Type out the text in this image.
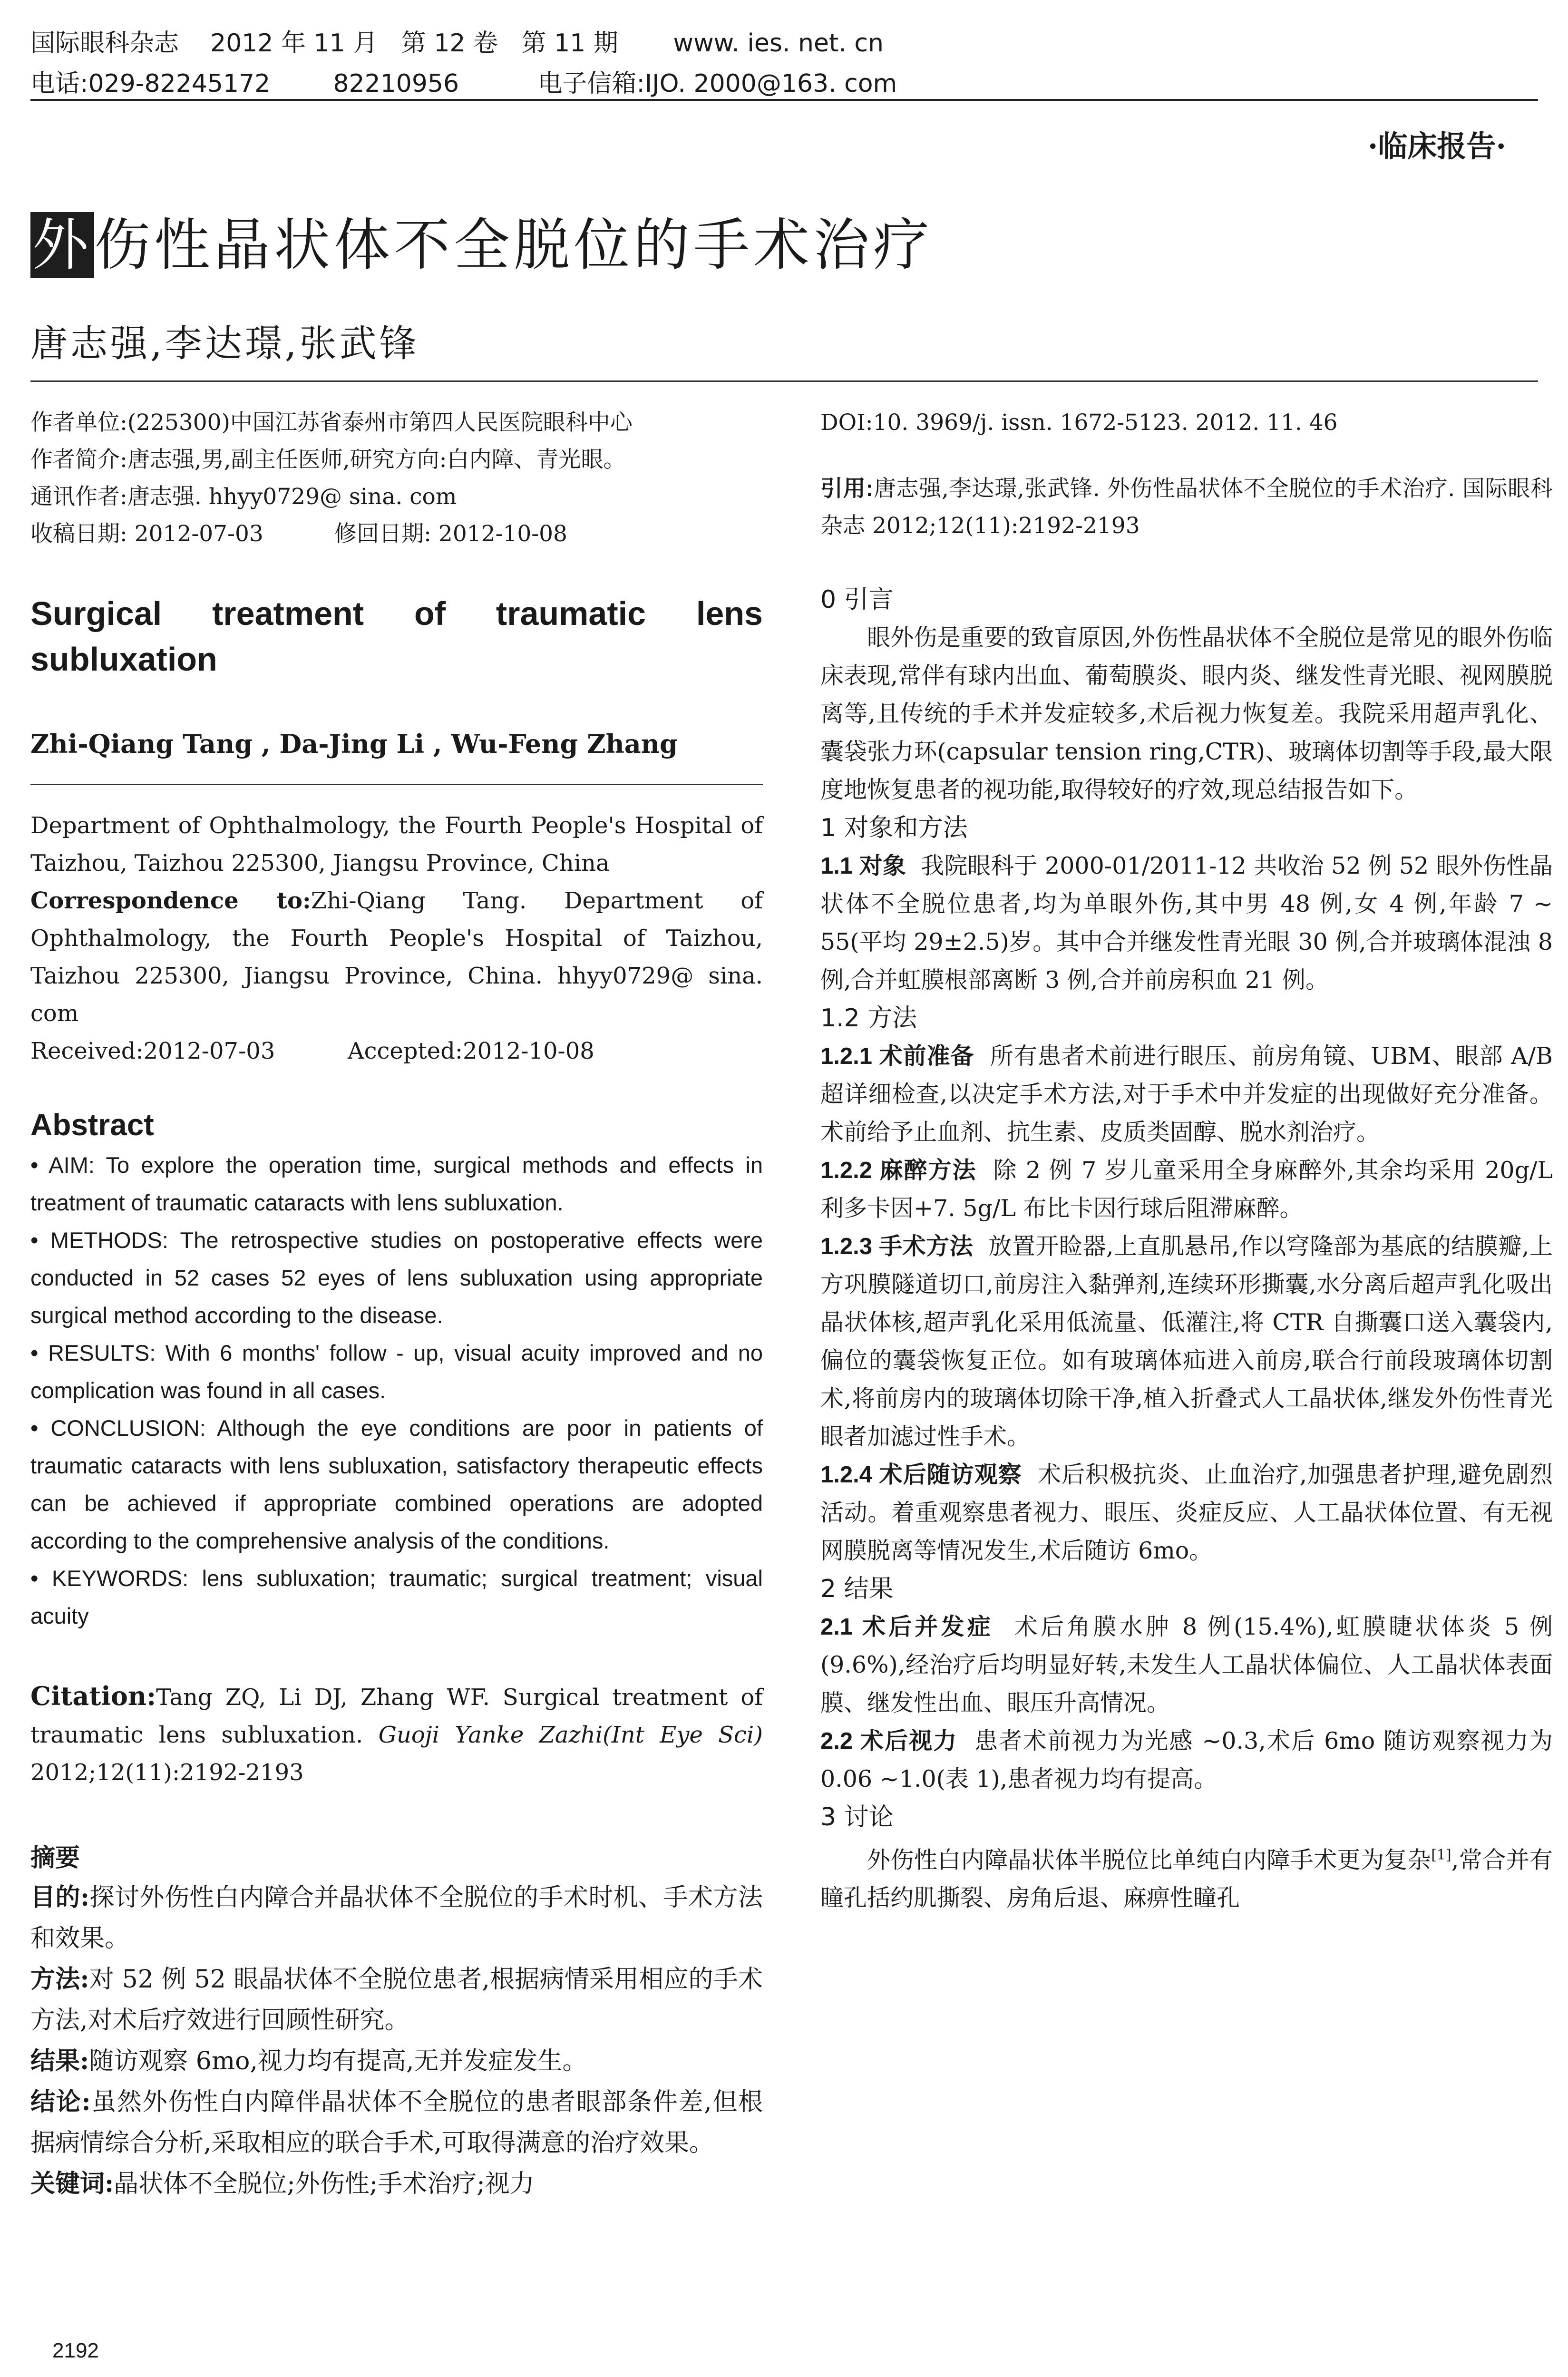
国际眼科杂志    2012 年 11 月   第 12 卷   第 11 期       www. ies. net. cn
电话:029-82245172        82210956          电子信箱:IJO. 2000@163. com
·临床报告·
外伤性晶状体不全脱位的手术治疗
唐志强,李达璟,张武锋
作者单位:(225300)中国江苏省泰州市第四人民医院眼科中心
作者简介:唐志强,男,副主任医师,研究方向:白内障、青光眼。
通讯作者:唐志强. hhyy0729@ sina. com
收稿日期: 2012-07-03          修回日期: 2012-10-08
Surgical treatment of traumatic lens subluxation
Zhi-Qiang Tang , Da-Jing Li , Wu-Feng Zhang
Department of Ophthalmology, the Fourth People's Hospital of Taizhou, Taizhou 225300, Jiangsu Province, China
Correspondence to:Zhi-Qiang Tang. Department of Ophthalmology, the Fourth People's Hospital of Taizhou, Taizhou 225300, Jiangsu Province, China. hhyy0729@ sina. com
Received:2012-07-03          Accepted:2012-10-08
Abstract
• AIM: To explore the operation time, surgical methods and effects in treatment of traumatic cataracts with lens subluxation.
• METHODS: The retrospective studies on postoperative effects were conducted in 52 cases 52 eyes of lens subluxation using appropriate surgical method according to the disease.
• RESULTS: With 6 months' follow - up, visual acuity improved and no complication was found in all cases.
• CONCLUSION: Although the eye conditions are poor in patients of traumatic cataracts with lens subluxation, satisfactory therapeutic effects can be achieved if appropriate combined operations are adopted according to the comprehensive analysis of the conditions.
• KEYWORDS: lens subluxation; traumatic; surgical treatment; visual acuity
Citation:Tang ZQ, Li DJ, Zhang WF. Surgical treatment of traumatic lens subluxation. Guoji Yanke Zazhi(Int Eye Sci) 2012;12(11):2192-2193
摘要
目的:探讨外伤性白内障合并晶状体不全脱位的手术时机、手术方法和效果。
方法:对 52 例 52 眼晶状体不全脱位患者,根据病情采用相应的手术方法,对术后疗效进行回顾性研究。
结果:随访观察 6mo,视力均有提高,无并发症发生。
结论:虽然外伤性白内障伴晶状体不全脱位的患者眼部条件差,但根据病情综合分析,采取相应的联合手术,可取得满意的治疗效果。
关键词:晶状体不全脱位;外伤性;手术治疗;视力
2192
DOI:10. 3969/j. issn. 1672-5123. 2012. 11. 46
引用:唐志强,李达璟,张武锋. 外伤性晶状体不全脱位的手术治疗. 国际眼科杂志 2012;12(11):2192-2193
0 引言
眼外伤是重要的致盲原因,外伤性晶状体不全脱位是常见的眼外伤临床表现,常伴有球内出血、葡萄膜炎、眼内炎、继发性青光眼、视网膜脱离等,且传统的手术并发症较多,术后视力恢复差。我院采用超声乳化、囊袋张力环(capsular tension ring,CTR)、玻璃体切割等手段,最大限度地恢复患者的视功能,取得较好的疗效,现总结报告如下。
1 对象和方法
1.1 对象 我院眼科于 2000-01/2011-12 共收治 52 例 52 眼外伤性晶状体不全脱位患者,均为单眼外伤,其中男 48 例,女 4 例,年龄 7 ~ 55(平均 29±2.5)岁。其中合并继发性青光眼 30 例,合并玻璃体混浊 8 例,合并虹膜根部离断 3 例,合并前房积血 21 例。
1.2 方法
1.2.1 术前准备 所有患者术前进行眼压、前房角镜、UBM、眼部 A/B 超详细检查,以决定手术方法,对于手术中并发症的出现做好充分准备。术前给予止血剂、抗生素、皮质类固醇、脱水剂治疗。
1.2.2 麻醉方法 除 2 例 7 岁儿童采用全身麻醉外,其余均采用 20g/L 利多卡因+7. 5g/L 布比卡因行球后阻滞麻醉。
1.2.3 手术方法 放置开睑器,上直肌悬吊,作以穹隆部为基底的结膜瓣,上方巩膜隧道切口,前房注入黏弹剂,连续环形撕囊,水分离后超声乳化吸出晶状体核,超声乳化采用低流量、低灌注,将 CTR 自撕囊口送入囊袋内,偏位的囊袋恢复正位。如有玻璃体疝进入前房,联合行前段玻璃体切割术,将前房内的玻璃体切除干净,植入折叠式人工晶状体,继发外伤性青光眼者加滤过性手术。
1.2.4 术后随访观察 术后积极抗炎、止血治疗,加强患者护理,避免剧烈活动。着重观察患者视力、眼压、炎症反应、人工晶状体位置、有无视网膜脱离等情况发生,术后随访 6mo。
2 结果
2.1 术后并发症 术后角膜水肿 8 例(15.4%),虹膜睫状体炎 5 例(9.6%),经治疗后均明显好转,未发生人工晶状体偏位、人工晶状体表面膜、继发性出血、眼压升高情况。
2.2 术后视力 患者术前视力为光感 ~0.3,术后 6mo 随访观察视力为 0.06 ~1.0(表 1),患者视力均有提高。
3 讨论
外伤性白内障晶状体半脱位比单纯白内障手术更为复杂[1],常合并有瞳孔括约肌撕裂、房角后退、麻痹性瞳孔
